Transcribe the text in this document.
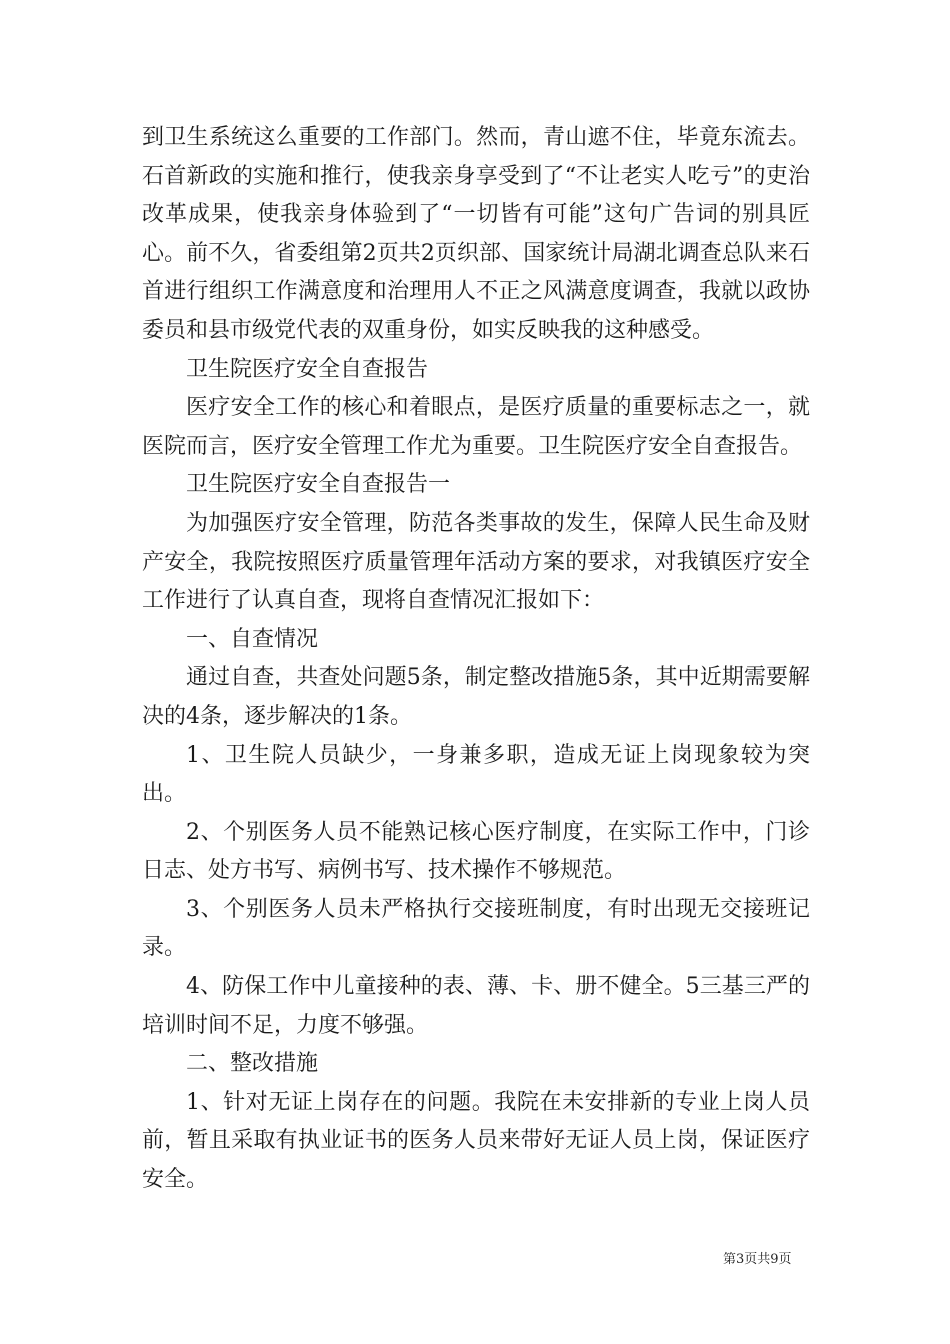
到卫生系统这么重要的工作部门。然而，青山遮不住，毕竟东流去。石首新政的实施和推行，使我亲身享受到了“不让老实人吃亏”的吏治改革成果，使我亲身体验到了“一切皆有可能”这句广告词的别具匠心。前不久，省委组第2页共2页织部、国家统计局湖北调查总队来石首进行组织工作满意度和治理用人不正之风满意度调查，我就以政协委员和县市级党代表的双重身份，如实反映我的这种感受。

卫生院医疗安全自查报告

医疗安全工作的核心和着眼点，是医疗质量的重要标志之一，就医院而言，医疗安全管理工作尤为重要。卫生院医疗安全自查报告。

卫生院医疗安全自查报告一

为加强医疗安全管理，防范各类事故的发生，保障人民生命及财产安全，我院按照医疗质量管理年活动方案的要求，对我镇医疗安全工作进行了认真自查，现将自查情况汇报如下：

一、自查情况

通过自查，共查处问题5条，制定整改措施5条，其中近期需要解决的4条，逐步解决的1条。

1、卫生院人员缺少，一身兼多职，造成无证上岗现象较为突出。

2、个别医务人员不能熟记核心医疗制度，在实际工作中，门诊日志、处方书写、病例书写、技术操作不够规范。

3、个别医务人员未严格执行交接班制度，有时出现无交接班记录。

4、防保工作中儿童接种的表、薄、卡、册不健全。5三基三严的培训时间不足，力度不够强。

二、整改措施

1、针对无证上岗存在的问题。我院在未安排新的专业上岗人员前，暂且采取有执业证书的医务人员来带好无证人员上岗，保证医疗安全。

第3页共9页
